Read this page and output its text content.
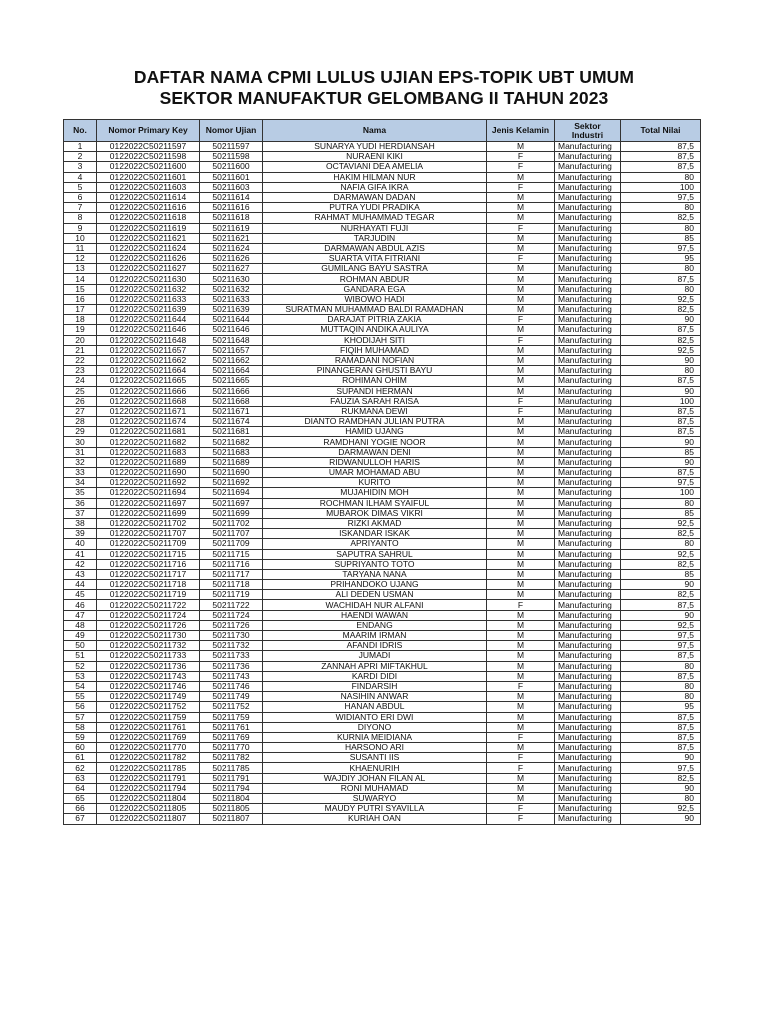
DAFTAR NAMA CPMI LULUS UJIAN EPS-TOPIK UBT UMUM
SEKTOR MANUFAKTUR GELOMBANG II TAHUN 2023
No.	Nomor Primary Key	Nomor Ujian	Nama	Jenis Kelamin	Sektor
Industri	Total Nilai
1	0122022C50211597	50211597	SUNARYA YUDI HERDIANSAH	M	Manufacturing	87,5
2	0122022C50211598	50211598	NURAENI KIKI	F	Manufacturing	87,5
3	0122022C50211600	50211600	OCTAVIANI DEA AMELIA	F	Manufacturing	87,5
4	0122022C50211601	50211601	HAKIM HILMAN NUR	M	Manufacturing	80
5	0122022C50211603	50211603	NAFIA GIFA IKRA	F	Manufacturing	100
6	0122022C50211614	50211614	DARMAWAN DADAN	M	Manufacturing	97,5
7	0122022C50211616	50211616	PUTRA YUDI PRADIKA	M	Manufacturing	80
8	0122022C50211618	50211618	RAHMAT MUHAMMAD TEGAR	M	Manufacturing	82,5
9	0122022C50211619	50211619	NURHAYATI FUJI	F	Manufacturing	80
10	0122022C50211621	50211621	TARJUDIN	M	Manufacturing	85
11	0122022C50211624	50211624	DARMAWAN ABDUL AZIS	M	Manufacturing	97,5
12	0122022C50211626	50211626	SUARTA VITA FITRIANI	F	Manufacturing	95
13	0122022C50211627	50211627	GUMILANG BAYU SASTRA	M	Manufacturing	80
14	0122022C50211630	50211630	ROHMAN ABDUR	M	Manufacturing	87,5
15	0122022C50211632	50211632	GANDARA EGA	M	Manufacturing	80
16	0122022C50211633	50211633	WIBOWO HADI	M	Manufacturing	92,5
17	0122022C50211639	50211639	SURATMAN MUHAMMAD BALDI RAMADHAN	M	Manufacturing	82,5
18	0122022C50211644	50211644	DARAJAT PITRIA ZAKIA	F	Manufacturing	90
19	0122022C50211646	50211646	MUTTAQIN ANDIKA AULIYA	M	Manufacturing	87,5
20	0122022C50211648	50211648	KHODIJAH SITI	F	Manufacturing	82,5
21	0122022C50211657	50211657	FIQIH MUHAMAD	M	Manufacturing	92,5
22	0122022C50211662	50211662	RAMADANI NOFIAN	M	Manufacturing	90
23	0122022C50211664	50211664	PINANGERAN GHUSTI BAYU	M	Manufacturing	80
24	0122022C50211665	50211665	ROHIMAN OHIM	M	Manufacturing	87,5
25	0122022C50211666	50211666	SUPANDI HERMAN	M	Manufacturing	90
26	0122022C50211668	50211668	FAUZIA SARAH RAISA	F	Manufacturing	100
27	0122022C50211671	50211671	RUKMANA DEWI	F	Manufacturing	87,5
28	0122022C50211674	50211674	DIANTO RAMDHAN JULIAN PUTRA	M	Manufacturing	87,5
29	0122022C50211681	50211681	HAMID UJANG	M	Manufacturing	87,5
30	0122022C50211682	50211682	RAMDHANI YOGIE NOOR	M	Manufacturing	90
31	0122022C50211683	50211683	DARMAWAN DENI	M	Manufacturing	85
32	0122022C50211689	50211689	RIDWANULLOH HARIS	M	Manufacturing	90
33	0122022C50211690	50211690	UMAR MOHAMAD ABU	M	Manufacturing	87,5
34	0122022C50211692	50211692	KURITO	M	Manufacturing	97,5
35	0122022C50211694	50211694	MUJAHIDIN MOH	M	Manufacturing	100
36	0122022C50211697	50211697	ROCHMAN ILHAM SYAIFUL	M	Manufacturing	80
37	0122022C50211699	50211699	MUBAROK DIMAS VIKRI	M	Manufacturing	85
38	0122022C50211702	50211702	RIZKI AKMAD	M	Manufacturing	92,5
39	0122022C50211707	50211707	ISKANDAR ISKAK	M	Manufacturing	82,5
40	0122022C50211709	50211709	APRIYANTO	M	Manufacturing	80
41	0122022C50211715	50211715	SAPUTRA SAHRUL	M	Manufacturing	92,5
42	0122022C50211716	50211716	SUPRIYANTO TOTO	M	Manufacturing	82,5
43	0122022C50211717	50211717	TARYANA NANA	M	Manufacturing	85
44	0122022C50211718	50211718	PRIHANDOKO UJANG	M	Manufacturing	90
45	0122022C50211719	50211719	ALI DEDEN USMAN	M	Manufacturing	82,5
46	0122022C50211722	50211722	WACHIDAH NUR ALFANI	F	Manufacturing	87,5
47	0122022C50211724	50211724	HAENDI WAWAN	M	Manufacturing	90
48	0122022C50211726	50211726	ENDANG	M	Manufacturing	92,5
49	0122022C50211730	50211730	MAARIM IRMAN	M	Manufacturing	97,5
50	0122022C50211732	50211732	AFANDI IDRIS	M	Manufacturing	97,5
51	0122022C50211733	50211733	JUMADI	M	Manufacturing	87,5
52	0122022C50211736	50211736	ZANNAH APRI MIFTAKHUL	M	Manufacturing	80
53	0122022C50211743	50211743	KARDI DIDI	M	Manufacturing	87,5
54	0122022C50211746	50211746	FINDARSIH	F	Manufacturing	80
55	0122022C50211749	50211749	NASIHIN ANWAR	M	Manufacturing	80
56	0122022C50211752	50211752	HANAN ABDUL	M	Manufacturing	95
57	0122022C50211759	50211759	WIDIANTO ERI DWI	M	Manufacturing	87,5
58	0122022C50211761	50211761	DIYONO	M	Manufacturing	87,5
59	0122022C50211769	50211769	KURNIA MEIDIANA	F	Manufacturing	87,5
60	0122022C50211770	50211770	HARSONO ARI	M	Manufacturing	87,5
61	0122022C50211782	50211782	SUSANTI IIS	F	Manufacturing	90
62	0122022C50211785	50211785	KHAENURIH	F	Manufacturing	97,5
63	0122022C50211791	50211791	WAJDIY JOHAN FILAN AL	M	Manufacturing	82,5
64	0122022C50211794	50211794	RONI MUHAMAD	M	Manufacturing	90
65	0122022C50211804	50211804	SUWARYO	M	Manufacturing	80
66	0122022C50211805	50211805	MAUDY PUTRI SYAVILLA	F	Manufacturing	92,5
67	0122022C50211807	50211807	KURIAH OAN	F	Manufacturing	90
